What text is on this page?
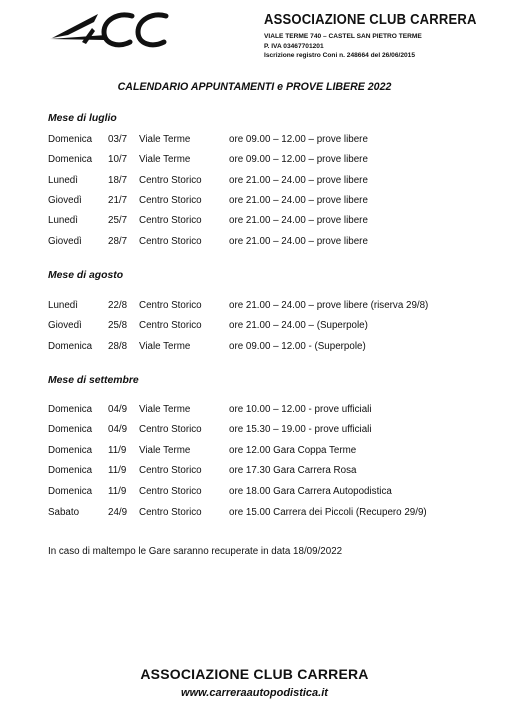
ASSOCIAZIONE CLUB CARRERA
VIALE TERME 740 – CASTEL SAN PIETRO TERME
P. IVA 03467701201
Iscrizione registro Coni n. 248664 del 26/06/2015
CALENDARIO APPUNTAMENTI e PROVE LIBERE 2022
Mese di luglio
Domenica 03/7 Viale Terme	ore 09.00 – 12.00 – prove libere
Domenica 10/7 Viale Terme	ore 09.00 – 12.00 – prove libere
Lunedì	18/7 Centro Storico	ore 21.00 – 24.00 – prove libere
Giovedì	21/7 Centro Storico	ore 21.00 – 24.00 – prove libere
Lunedì	25/7 Centro Storico	ore 21.00 – 24.00 – prove libere
Giovedì	28/7 Centro Storico	ore 21.00 – 24.00 – prove libere
Mese di agosto
Lunedì	22/8 Centro Storico	ore 21.00 – 24.00 – prove libere (riserva 29/8)
Giovedì	25/8 Centro Storico	ore 21.00 – 24.00 – (Superpole)
Domenica 28/8 Viale Terme	ore 09.00 – 12.00 - (Superpole)
Mese di settembre
Domenica 04/9 Viale Terme	ore 10.00 – 12.00 - prove ufficiali
Domenica 04/9 Centro Storico	ore 15.30 – 19.00 - prove ufficiali
Domenica 11/9 Viale Terme	ore 12.00 Gara Coppa Terme
Domenica 11/9 Centro Storico	ore 17.30 Gara Carrera Rosa
Domenica 11/9 Centro Storico	ore 18.00 Gara Carrera Autopodistica
Sabato	24/9 Centro Storico	ore 15.00 Carrera dei Piccoli (Recupero 29/9)
In caso di maltempo le Gare saranno recuperate in data 18/09/2022
ASSOCIAZIONE CLUB CARRERA
www.carreraautopodistica.it
